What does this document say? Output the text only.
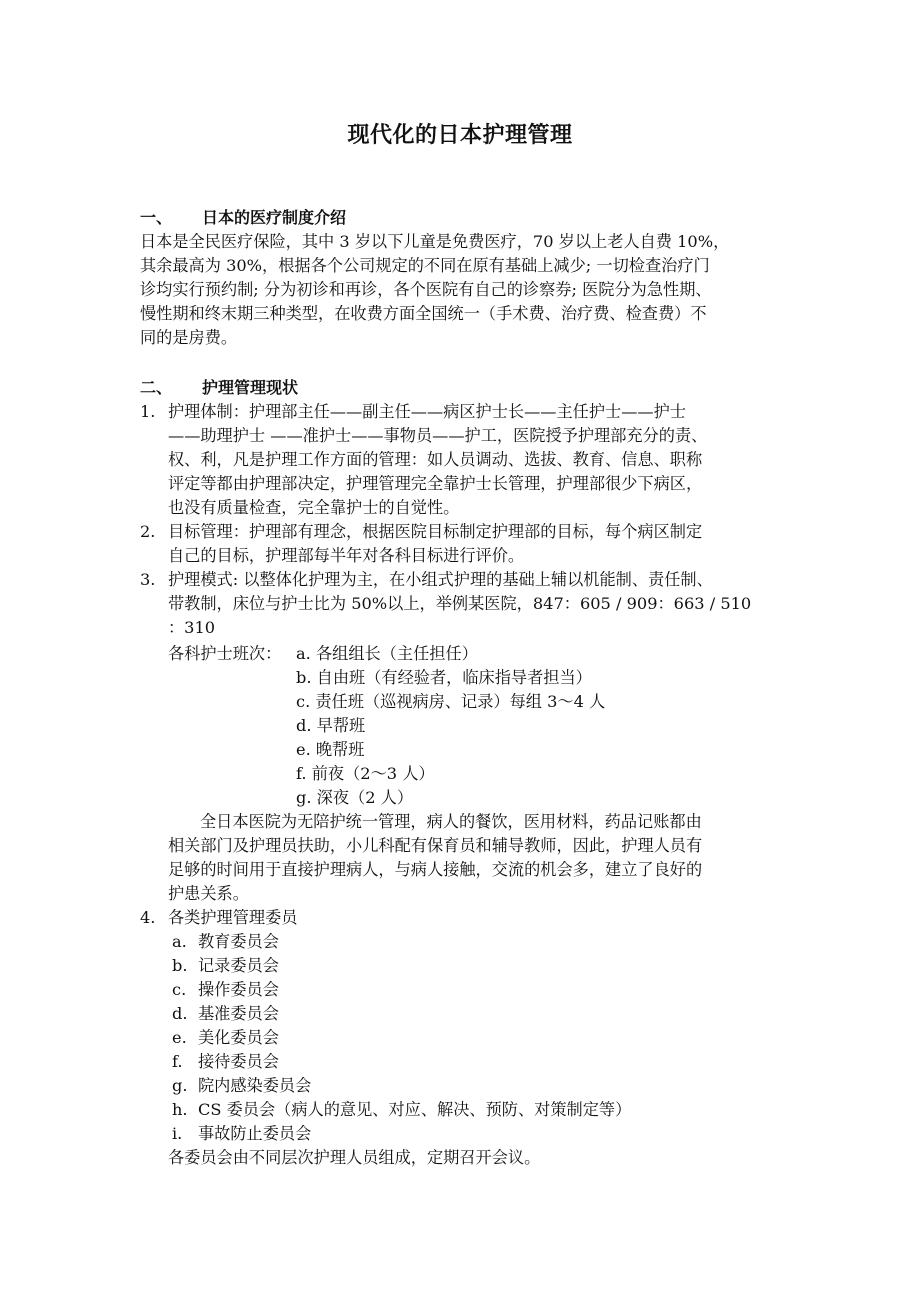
现代化的日本护理管理
一、 日本的医疗制度介绍
日本是全民医疗保险，其中 3 岁以下儿童是免费医疗，70 岁以上老人自费 10%，
其余最高为 30%，根据各个公司规定的不同在原有基础上减少; 一切检查治疗门
诊均实行预约制; 分为初诊和再诊，各个医院有自己的诊察券; 医院分为急性期、
慢性期和终末期三种类型，在收费方面全国统一（手术费、治疗费、检查费）不
同的是房费。
二、 护理管理现状
1. 护理体制：护理部主任——副主任——病区护士长——主任护士——护士
——助理护士 ——准护士——事物员——护工，医院授予护理部充分的责、
权、利，凡是护理工作方面的管理：如人员调动、选拔、教育、信息、职称
评定等都由护理部决定，护理管理完全靠护士长管理，护理部很少下病区，
也没有质量检查，完全靠护士的自觉性。
2. 目标管理：护理部有理念，根据医院目标制定护理部的目标，每个病区制定
自己的目标，护理部每半年对各科目标进行评价。
3. 护理模式: 以整体化护理为主，在小组式护理的基础上辅以机能制、责任制、
带教制，床位与护士比为 50%以上，举例某医院，847：605 / 909：663 / 510
：310
各科护士班次： a. 各组组长（主任担任）
b. 自由班（有经验者，临床指导者担当）
c. 责任班（巡视病房、记录）每组 3～4 人
d. 早帮班
e. 晚帮班
f. 前夜（2～3 人）
g. 深夜（2 人）
全日本医院为无陪护统一管理，病人的餐饮，医用材料，药品记账都由
相关部门及护理员扶助，小儿科配有保育员和辅导教师，因此，护理人员有
足够的时间用于直接护理病人，与病人接触，交流的机会多，建立了良好的
护患关系。
4. 各类护理管理委员
a. 教育委员会
b. 记录委员会
c. 操作委员会
d. 基准委员会
e. 美化委员会
f. 接待委员会
g. 院内感染委员会
h. CS 委员会（病人的意见、对应、解决、预防、对策制定等）
i. 事故防止委员会
各委员会由不同层次护理人员组成，定期召开会议。
